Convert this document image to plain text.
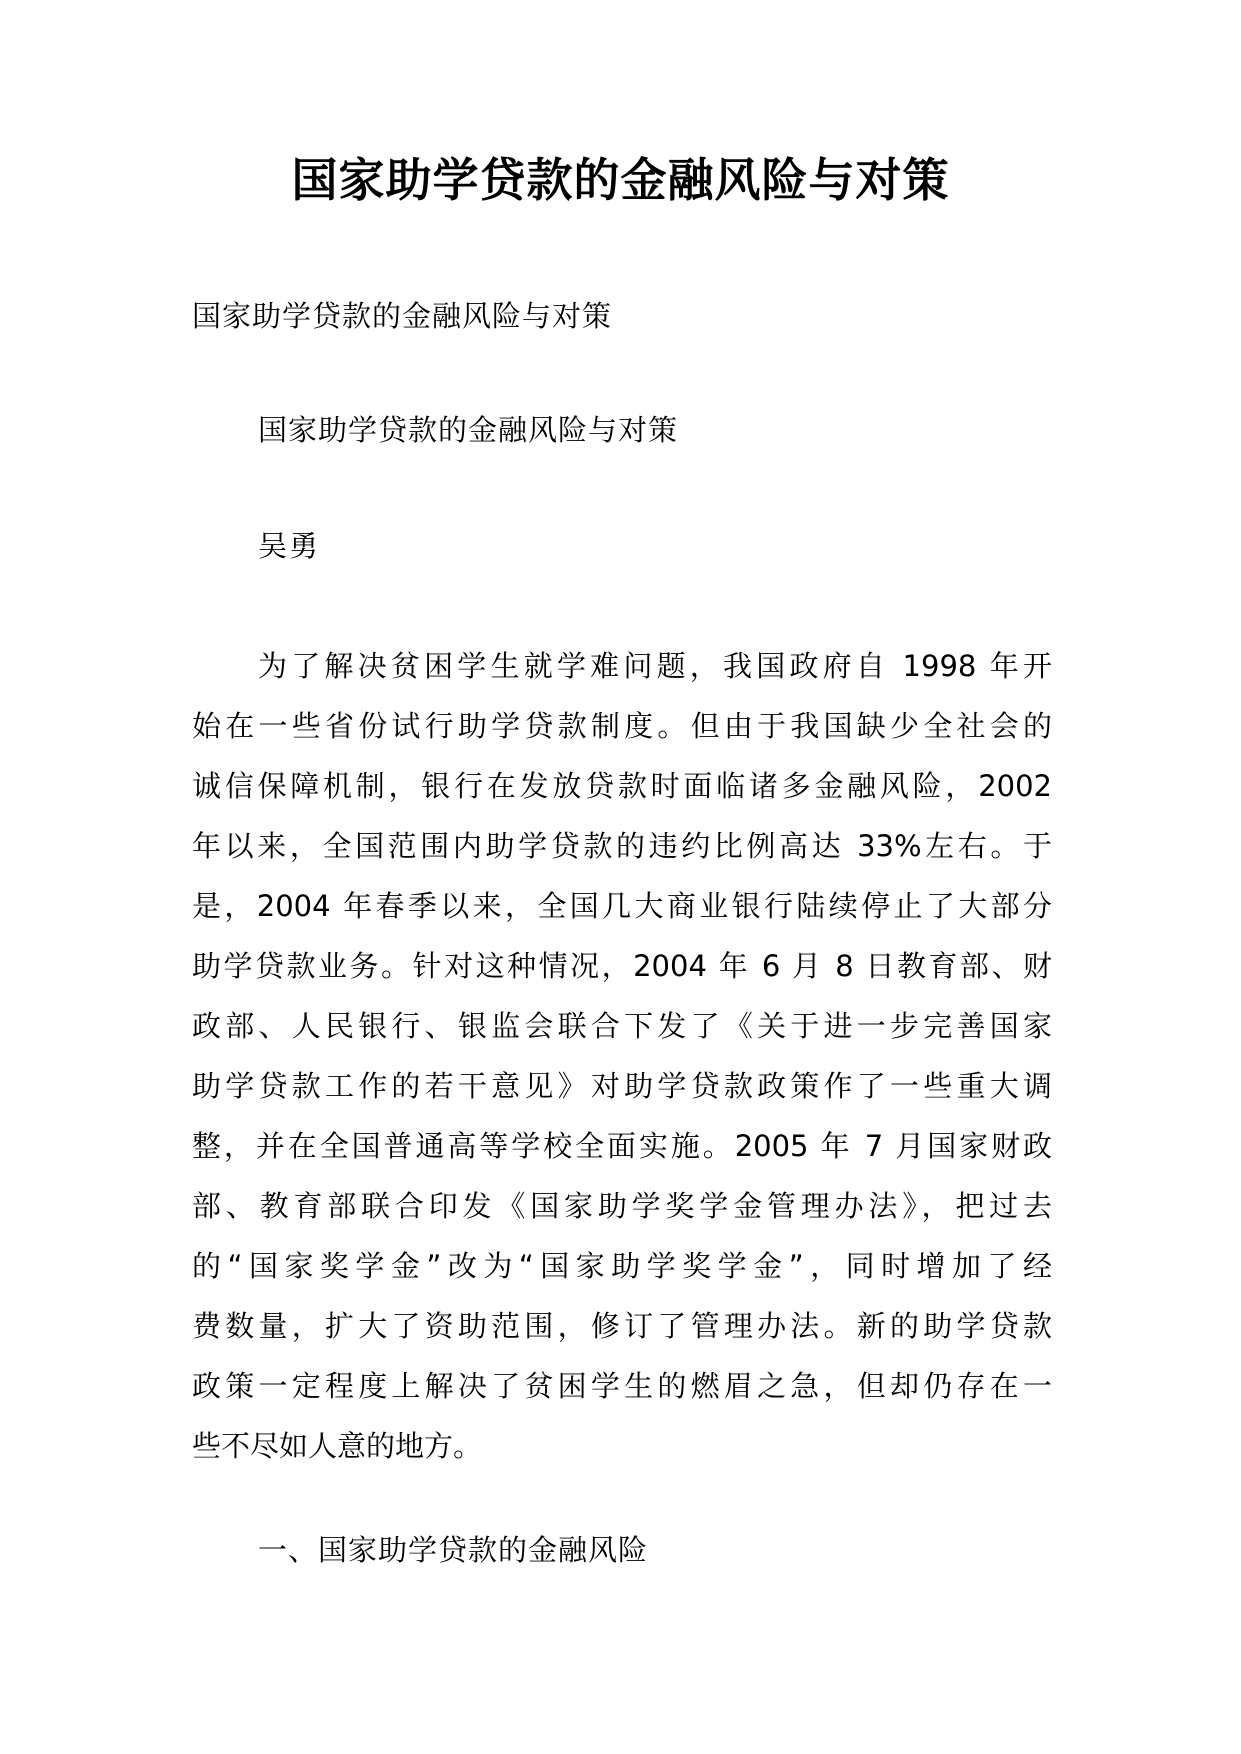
国家助学贷款的金融风险与对策
国家助学贷款的金融风险与对策
国家助学贷款的金融风险与对策
吴勇
为了解决贫困学生就学难问题，我国政府自 1998 年开
始在一些省份试行助学贷款制度。但由于我国缺少全社会的
诚信保障机制，银行在发放贷款时面临诸多金融风险，2002
年以来，全国范围内助学贷款的违约比例高达 33%左右。于
是，2004 年春季以来，全国几大商业银行陆续停止了大部分
助学贷款业务。针对这种情况，2004 年 6 月 8 日教育部、财
政部、人民银行、银监会联合下发了《关于进一步完善国家
助学贷款工作的若干意见》对助学贷款政策作了一些重大调
整，并在全国普通高等学校全面实施。2005 年 7 月国家财政
部、教育部联合印发《国家助学奖学金管理办法》，把过去
的“国家奖学金”改为“国家助学奖学金”，同时增加了经
费数量，扩大了资助范围，修订了管理办法。新的助学贷款
政策一定程度上解决了贫困学生的燃眉之急，但却仍存在一
些不尽如人意的地方。
一、国家助学贷款的金融风险
